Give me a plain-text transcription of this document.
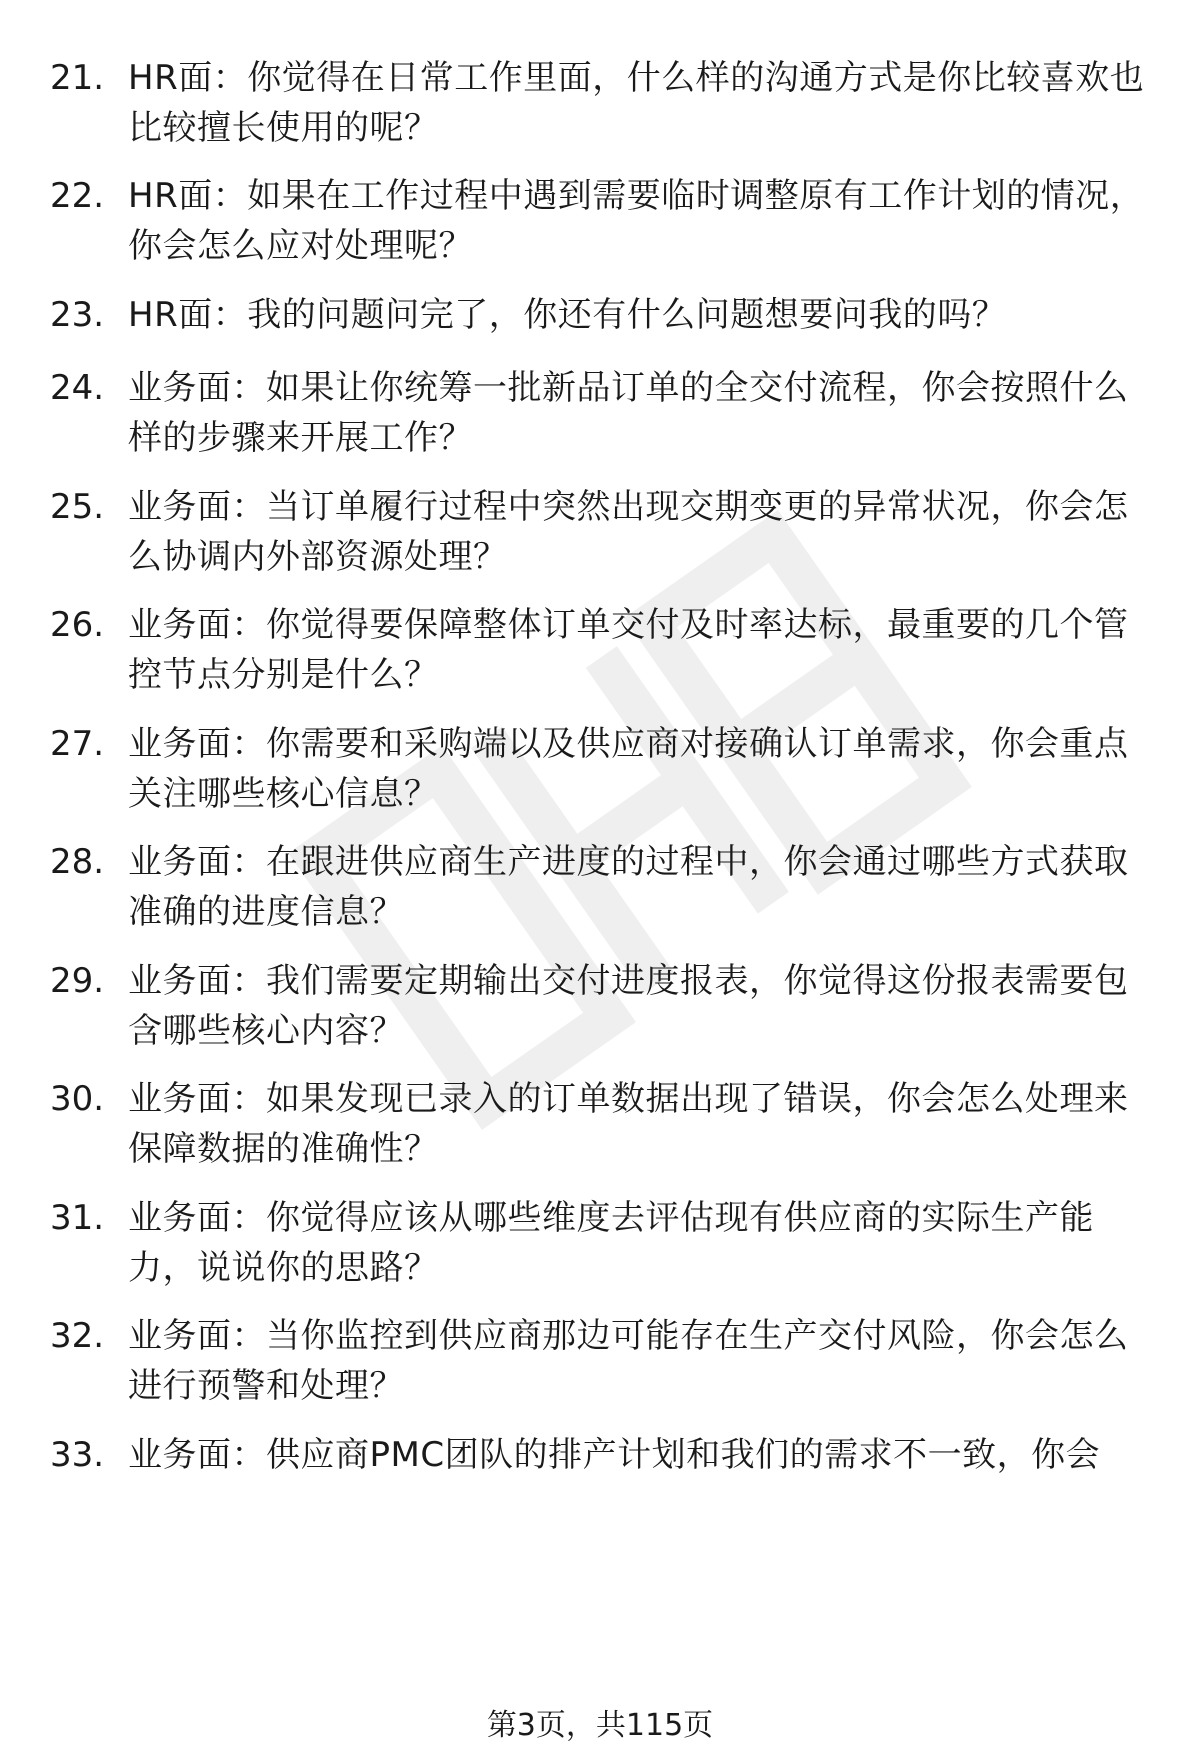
21. HR面：你觉得在日常工作里面，什么样的沟通方式是你比较喜欢也比较擅长使用的呢？
22. HR面：如果在工作过程中遇到需要临时调整原有工作计划的情况，你会怎么应对处理呢？
23. HR面：我的问题问完了，你还有什么问题想要问我的吗？
24. 业务面：如果让你统筹一批新品订单的全交付流程，你会按照什么样的步骤来开展工作？
25. 业务面：当订单履行过程中突然出现交期变更的异常状况，你会怎么协调内外部资源处理？
26. 业务面：你觉得要保障整体订单交付及时率达标，最重要的几个管控节点分别是什么？
27. 业务面：你需要和采购端以及供应商对接确认订单需求，你会重点关注哪些核心信息？
28. 业务面：在跟进供应商生产进度的过程中，你会通过哪些方式获取准确的进度信息？
29. 业务面：我们需要定期输出交付进度报表，你觉得这份报表需要包含哪些核心内容？
30. 业务面：如果发现已录入的订单数据出现了错误，你会怎么处理来保障数据的准确性？
31. 业务面：你觉得应该从哪些维度去评估现有供应商的实际生产能力，说说你的思路？
32. 业务面：当你监控到供应商那边可能存在生产交付风险，你会怎么进行预警和处理？
33. 业务面：供应商PMC团队的排产计划和我们的需求不一致，你会
第3页，共115页
